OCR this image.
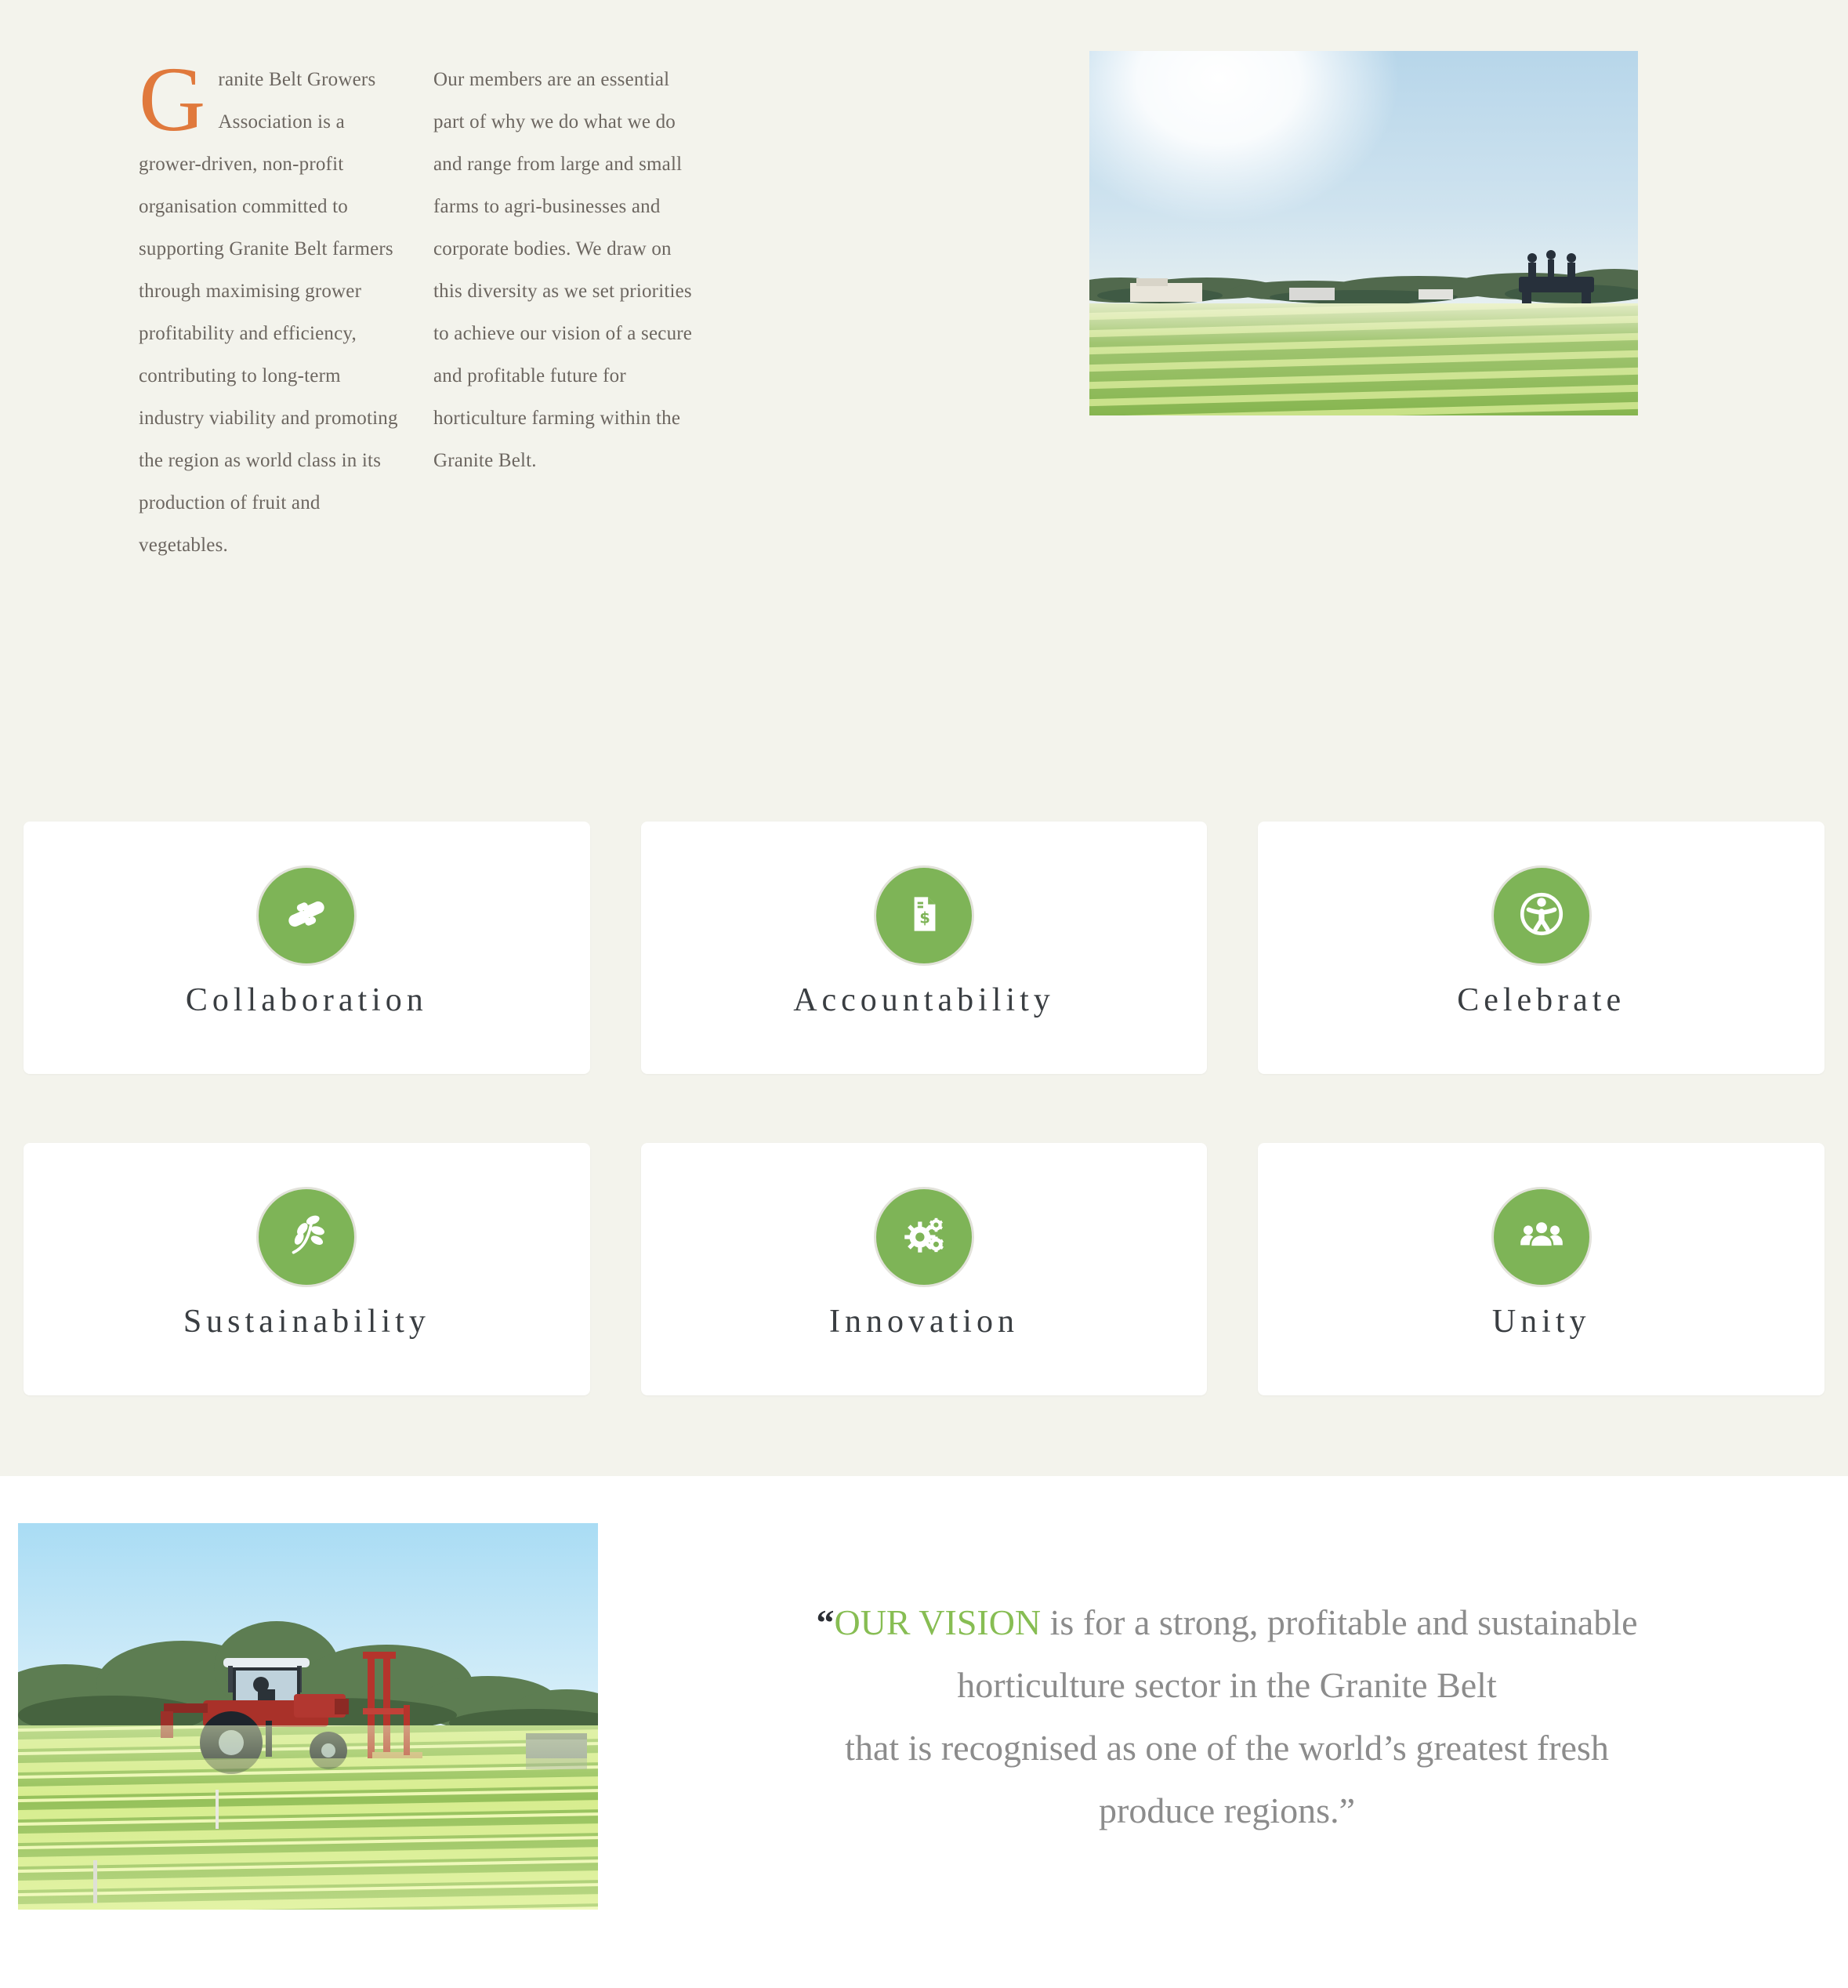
Granite Belt Growers Association is a grower-driven, non-profit organisation committed to supporting Granite Belt farmers through maximising grower profitability and efficiency, contributing to long-term industry viability and promoting the region as world class in its production of fruit and vegetables.

Our members are an essential part of why we do what we do and range from large and small farms to agri-businesses and corporate bodies. We draw on this diversity as we set priorities to achieve our vision of a secure and profitable future for horticulture farming within the Granite Belt.

Collaboration
$
Accountability	Celebrate
Sustainability	Innovation	Unity
“OUR VISION is for a strong, profitable and sustainable
horticulture sector in the Granite Belt
that is recognised as one of the world’s greatest fresh
produce regions.”
